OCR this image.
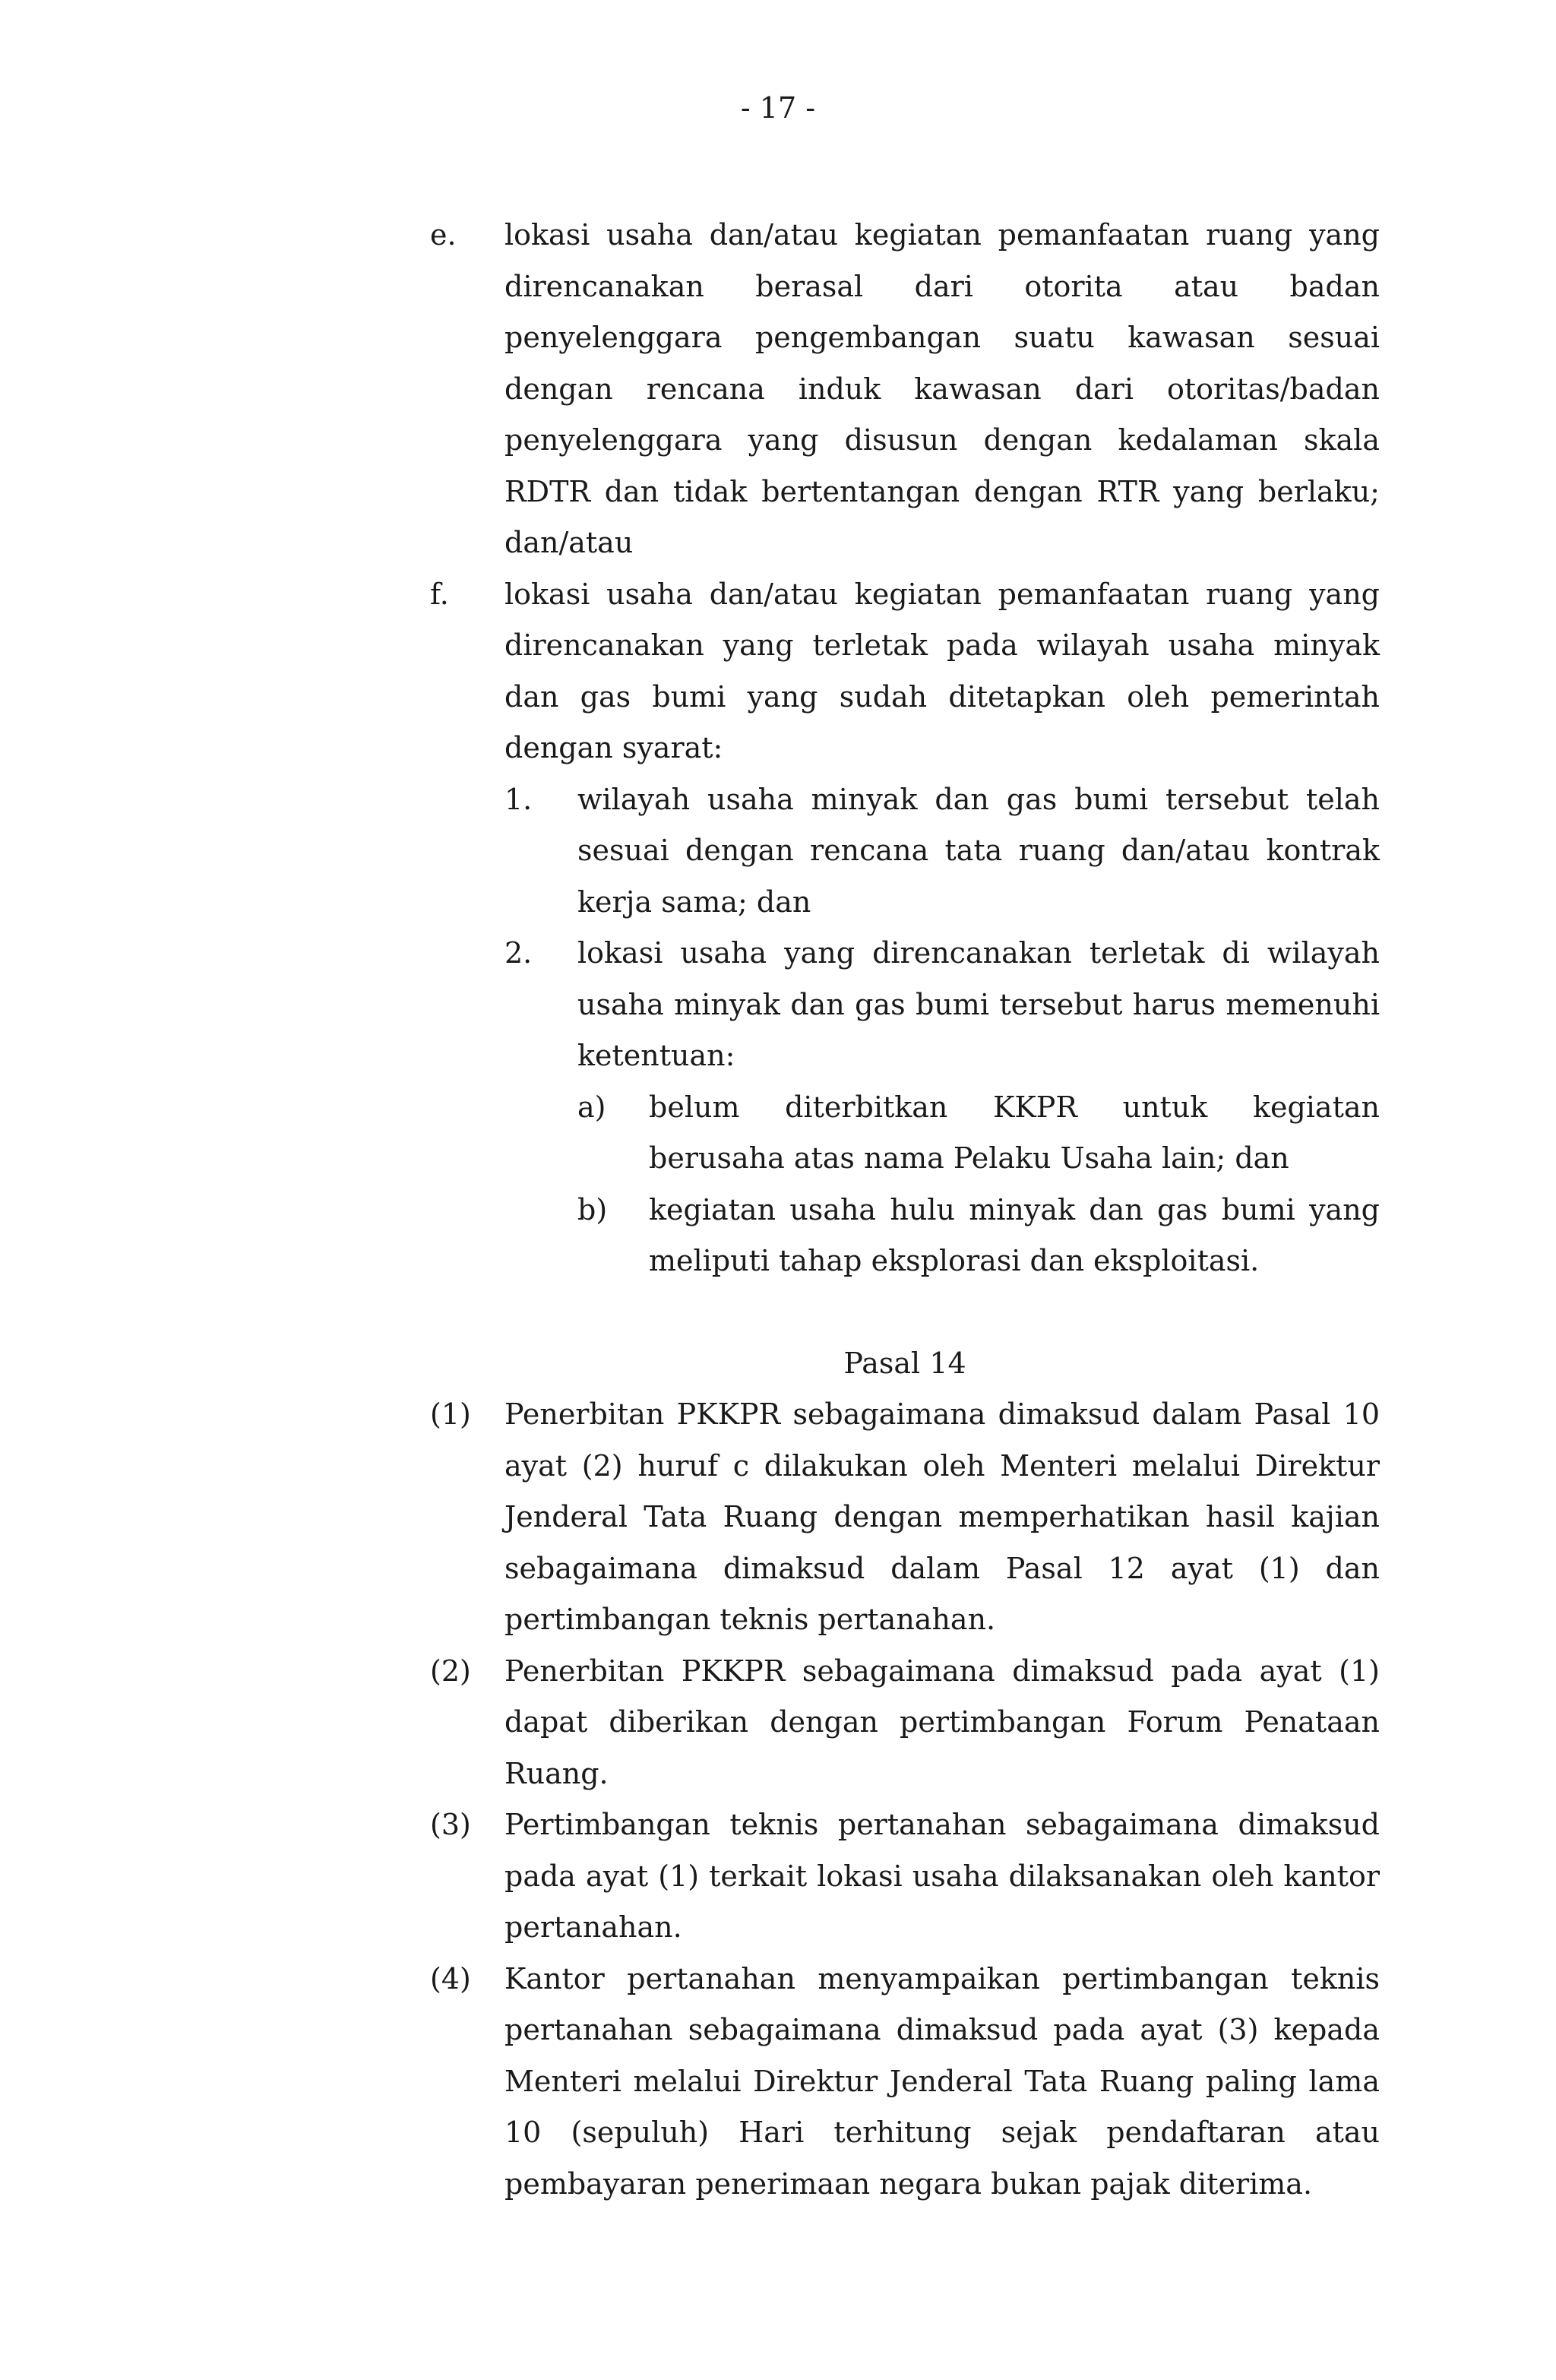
- 17 -
e.	lokasi usaha dan/atau kegiatan pemanfaatan ruang yang direncanakan berasal dari otorita atau badan penyelenggara pengembangan suatu kawasan sesuai dengan rencana induk kawasan dari otoritas/badan penyelenggara yang disusun dengan kedalaman skala RDTR dan tidak bertentangan dengan RTR yang berlaku; dan/atau

f.	lokasi usaha dan/atau kegiatan pemanfaatan ruang yang direncanakan yang terletak pada wilayah usaha minyak dan gas bumi yang sudah ditetapkan oleh pemerintah dengan syarat:

1.	wilayah usaha minyak dan gas bumi tersebut telah sesuai dengan rencana tata ruang dan/atau kontrak kerja sama; dan

2.	lokasi usaha yang direncanakan terletak di wilayah usaha minyak dan gas bumi tersebut harus memenuhi ketentuan:

a)	belum diterbitkan KKPR untuk kegiatan berusaha atas nama Pelaku Usaha lain; dan

b)	kegiatan usaha hulu minyak dan gas bumi yang meliputi tahap eksplorasi dan eksploitasi.

Pasal 14
(1)	Penerbitan PKKPR sebagaimana dimaksud dalam Pasal 10 ayat (2) huruf c dilakukan oleh Menteri melalui Direktur Jenderal Tata Ruang dengan memperhatikan hasil kajian sebagaimana dimaksud dalam Pasal 12 ayat (1) dan pertimbangan teknis pertanahan.

(2)	Penerbitan PKKPR sebagaimana dimaksud pada ayat (1) dapat diberikan dengan pertimbangan Forum Penataan Ruang.

(3)	Pertimbangan teknis pertanahan sebagaimana dimaksud pada ayat (1) terkait lokasi usaha dilaksanakan oleh kantor pertanahan.

(4)	Kantor pertanahan menyampaikan pertimbangan teknis pertanahan sebagaimana dimaksud pada ayat (3) kepada Menteri melalui Direktur Jenderal Tata Ruang paling lama 10 (sepuluh) Hari terhitung sejak pendaftaran atau pembayaran penerimaan negara bukan pajak diterima.
